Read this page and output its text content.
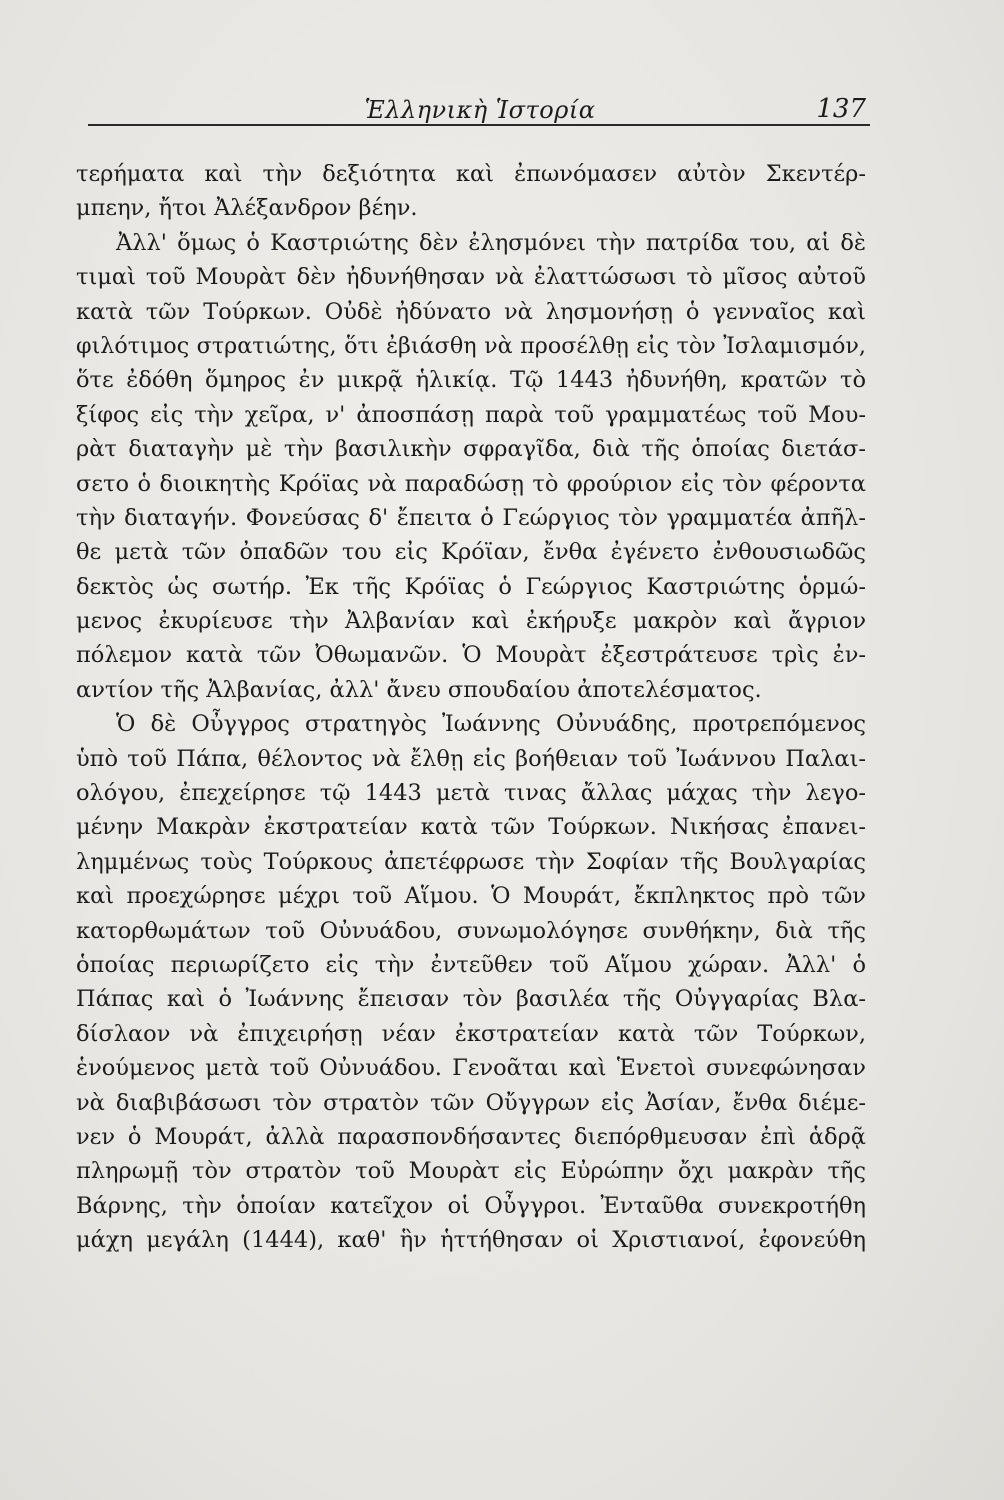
Ἑλληνικὴ Ἱστορία	137
τερήματα καὶ τὴν δεξιότητα καὶ ἐπωνόμασεν αὐτὸν Σκεντέρ-
μπεην, ἤτοι Ἀλέξανδρον βέην.
Ἀλλ' ὅμως ὁ Καστριώτης δὲν ἐλησμόνει τὴν πατρίδα του, αἱ δὲ
τιμαὶ τοῦ Μουρὰτ δὲν ἠδυνήθησαν νὰ ἐλαττώσωσι τὸ μῖσος αὐτοῦ
κατὰ τῶν Τούρκων. Οὐδὲ ἠδύνατο νὰ λησμονήσῃ ὁ γενναῖος καὶ
φιλότιμος στρατιώτης, ὅτι ἐβιάσθη νὰ προσέλθῃ εἰς τὸν Ἰσλαμισμόν,
ὅτε ἐδόθη ὅμηρος ἐν μικρᾷ ἡλικίᾳ. Τῷ 1443 ἠδυνήθη, κρατῶν τὸ
ξίφος εἰς τὴν χεῖρα, ν' ἀποσπάσῃ παρὰ τοῦ γραμματέως τοῦ Μου-
ρὰτ διαταγὴν μὲ τὴν βασιλικὴν σφραγῖδα, διὰ τῆς ὁποίας διετάσ-
σετο ὁ διοικητὴς Κρόϊας νὰ παραδώσῃ τὸ φρούριον εἰς τὸν φέροντα
τὴν διαταγήν. Φονεύσας δ' ἔπειτα ὁ Γεώργιος τὸν γραμματέα ἀπῆλ-
θε μετὰ τῶν ὀπαδῶν του εἰς Κρόϊαν, ἔνθα ἐγένετο ἐνθουσιωδῶς
δεκτὸς ὡς σωτήρ. Ἐκ τῆς Κρόϊας ὁ Γεώργιος Καστριώτης ὁρμώ-
μενος ἐκυρίευσε τὴν Ἀλβανίαν καὶ ἐκήρυξε μακρὸν καὶ ἄγριον
πόλεμον κατὰ τῶν Ὀθωμανῶν. Ὁ Μουρὰτ ἐξεστράτευσε τρὶς ἐν-
αντίον τῆς Ἀλβανίας, ἀλλ' ἄνευ σπουδαίου ἀποτελέσματος.
Ὁ δὲ Οὖγγρος στρατηγὸς Ἰωάννης Οὐνυάδης, προτρεπόμενος
ὑπὸ τοῦ Πάπα, θέλοντος νὰ ἔλθῃ εἰς βοήθειαν τοῦ Ἰωάννου Παλαι-
ολόγου, ἐπεχείρησε τῷ 1443 μετὰ τινας ἄλλας μάχας τὴν λεγο-
μένην Μακρὰν ἐκστρατείαν κατὰ τῶν Τούρκων. Νικήσας ἐπανει-
λημμένως τοὺς Τούρκους ἀπετέφρωσε τὴν Σοφίαν τῆς Βουλγαρίας
καὶ προεχώρησε μέχρι τοῦ Αἵμου. Ὁ Μουράτ, ἔκπληκτος πρὸ τῶν
κατορθωμάτων τοῦ Οὐνυάδου, συνωμολόγησε συνθήκην, διὰ τῆς
ὁποίας περιωρίζετο εἰς τὴν ἐντεῦθεν τοῦ Αἵμου χώραν. Ἀλλ' ὁ
Πάπας καὶ ὁ Ἰωάννης ἔπεισαν τὸν βασιλέα τῆς Οὐγγαρίας Βλα-
δίσλαον νὰ ἐπιχειρήσῃ νέαν ἐκστρατείαν κατὰ τῶν Τούρκων,
ἑνούμενος μετὰ τοῦ Οὐνυάδου. Γενοᾶται καὶ Ἑνετοὶ συνεφώνησαν
νὰ διαβιβάσωσι τὸν στρατὸν τῶν Οὔγγρων εἰς Ἀσίαν, ἔνθα διέμε-
νεν ὁ Μουράτ, ἀλλὰ παρασπονδήσαντες διεπόρθμευσαν ἐπὶ ἁδρᾷ
πληρωμῇ τὸν στρατὸν τοῦ Μουρὰτ εἰς Εὐρώπην ὄχι μακρὰν τῆς
Βάρνης, τὴν ὁποίαν κατεῖχον οἱ Οὖγγροι. Ἐνταῦθα συνεκροτήθη
μάχη μεγάλη (1444), καθ' ἣν ἡττήθησαν οἱ Χριστιανοί, ἐφονεύθη
